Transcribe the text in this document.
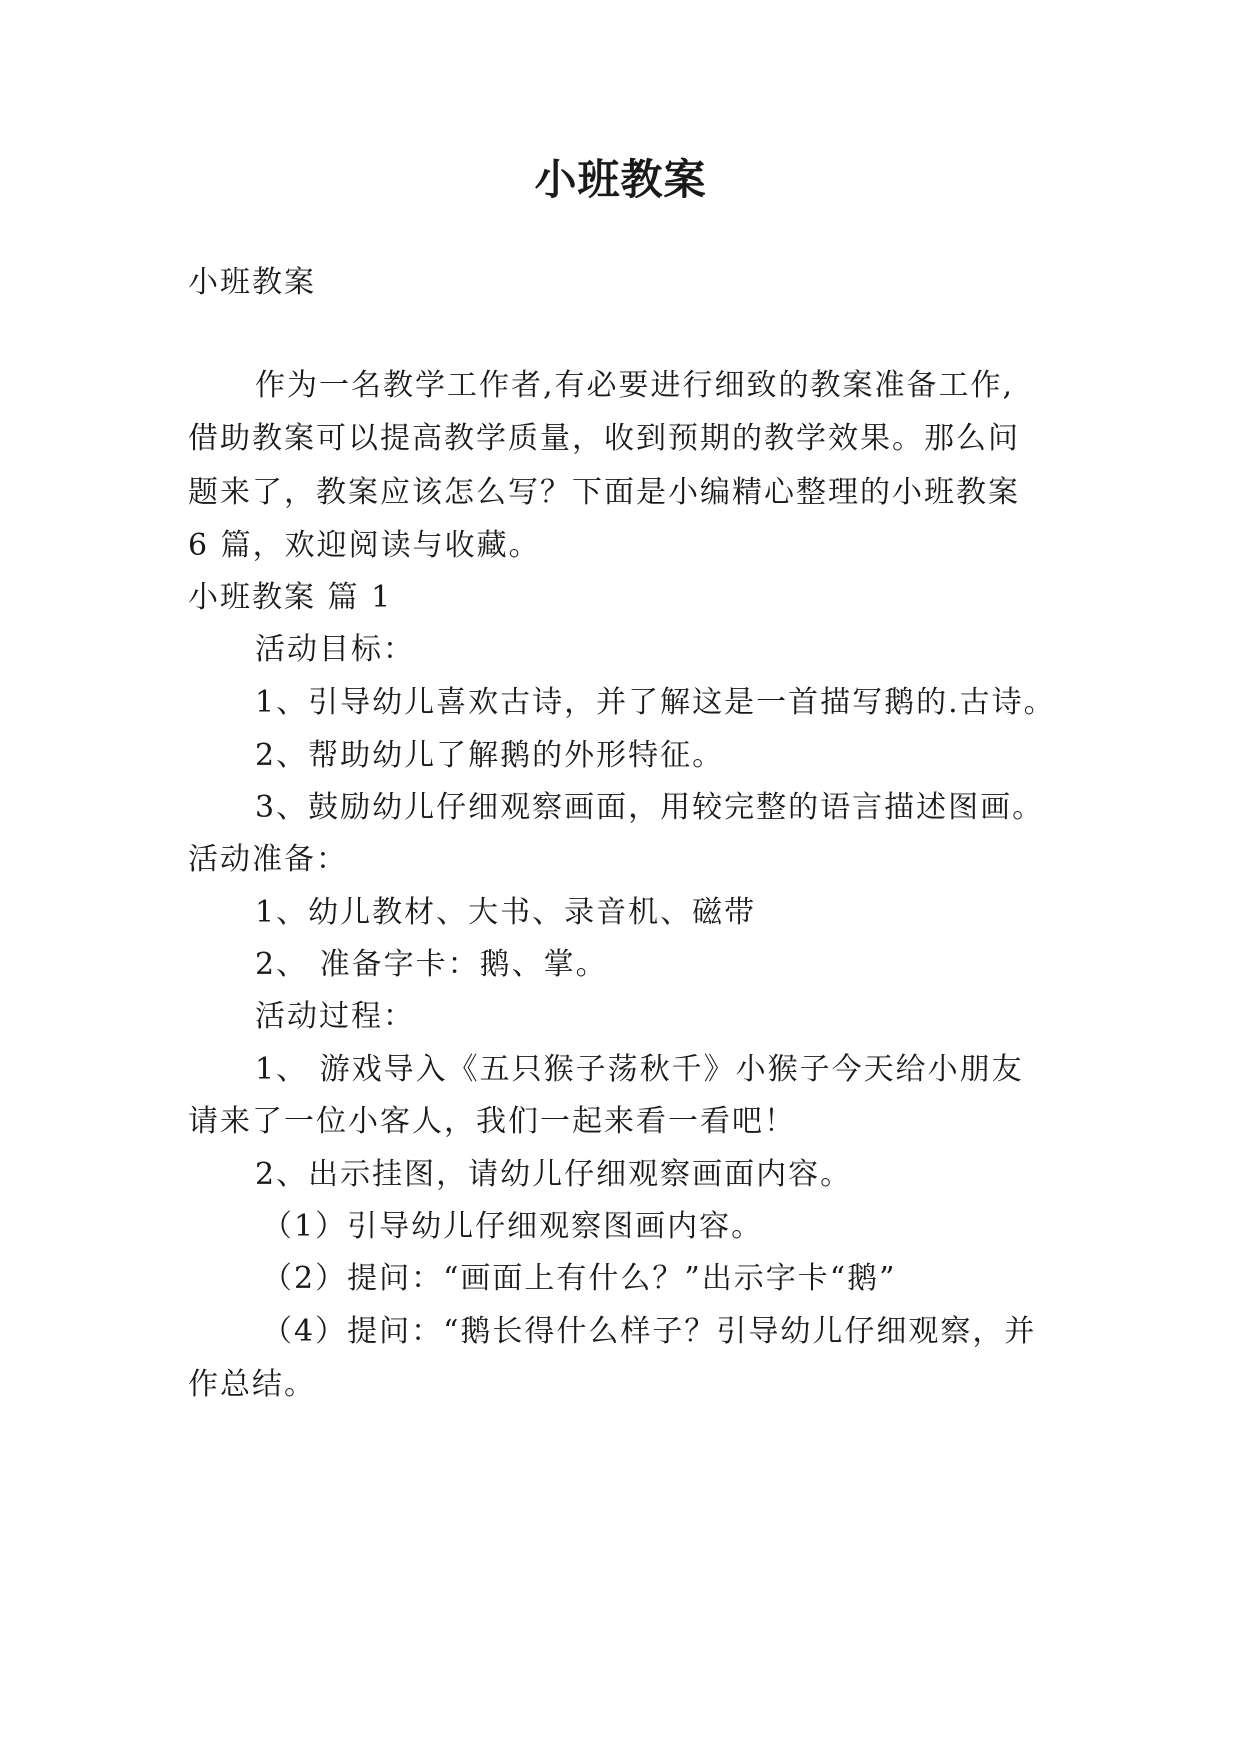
小班教案
小班教案
作为一名教学工作者,有必要进行细致的教案准备工作,
借助教案可以提高教学质量，收到预期的教学效果。那么问
题来了，教案应该怎么写？下面是小编精心整理的小班教案
6 篇，欢迎阅读与收藏。
小班教案 篇 1
活动目标：
1、引导幼儿喜欢古诗，并了解这是一首描写鹅的.古诗。
2、帮助幼儿了解鹅的外形特征。
3、鼓励幼儿仔细观察画面，用较完整的语言描述图画。
活动准备：
1、幼儿教材、大书、录音机、磁带
2、 准备字卡：鹅、掌。
活动过程：
1、 游戏导入《五只猴子荡秋千》小猴子今天给小朋友
请来了一位小客人，我们一起来看一看吧！
2、出示挂图，请幼儿仔细观察画面内容。
（1）引导幼儿仔细观察图画内容。
（2）提问：“画面上有什么？”出示字卡“鹅”
（4）提问：“鹅长得什么样子？引导幼儿仔细观察，并
作总结。
